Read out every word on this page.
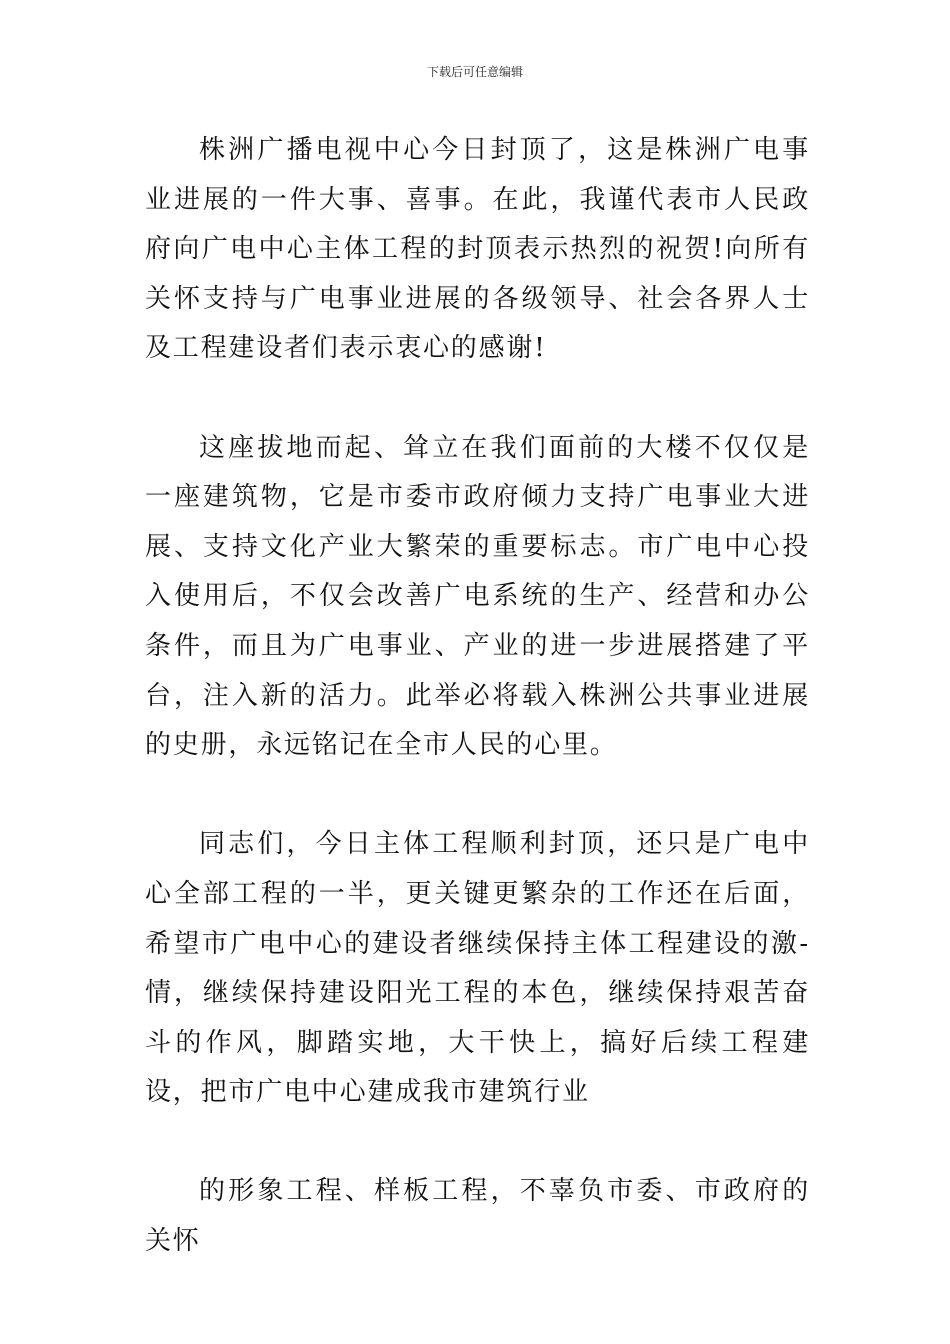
下载后可任意编辑

株洲广播电视中心今日封顶了，这是株洲广电事业进展的一件大事、喜事。在此，我谨代表市人民政府向广电中心主体工程的封顶表示热烈的祝贺!向所有关怀支持与广电事业进展的各级领导、社会各界人士及工程建设者们表示衷心的感谢!

这座拔地而起、耸立在我们面前的大楼不仅仅是一座建筑物，它是市委市政府倾力支持广电事业大进展、支持文化产业大繁荣的重要标志。市广电中心投入使用后，不仅会改善广电系统的生产、经营和办公条件，而且为广电事业、产业的进一步进展搭建了平台，注入新的活力。此举必将载入株洲公共事业进展的史册，永远铭记在全市人民的心里。

同志们，今日主体工程顺利封顶，还只是广电中心全部工程的一半，更关键更繁杂的工作还在后面，希望市广电中心的建设者继续保持主体工程建设的激-情，继续保持建设阳光工程的本色，继续保持艰苦奋斗的作风，脚踏实地，大干快上，搞好后续工程建设，把市广电中心建成我市建筑行业

的形象工程、样板工程，不辜负市委、市政府的关怀
